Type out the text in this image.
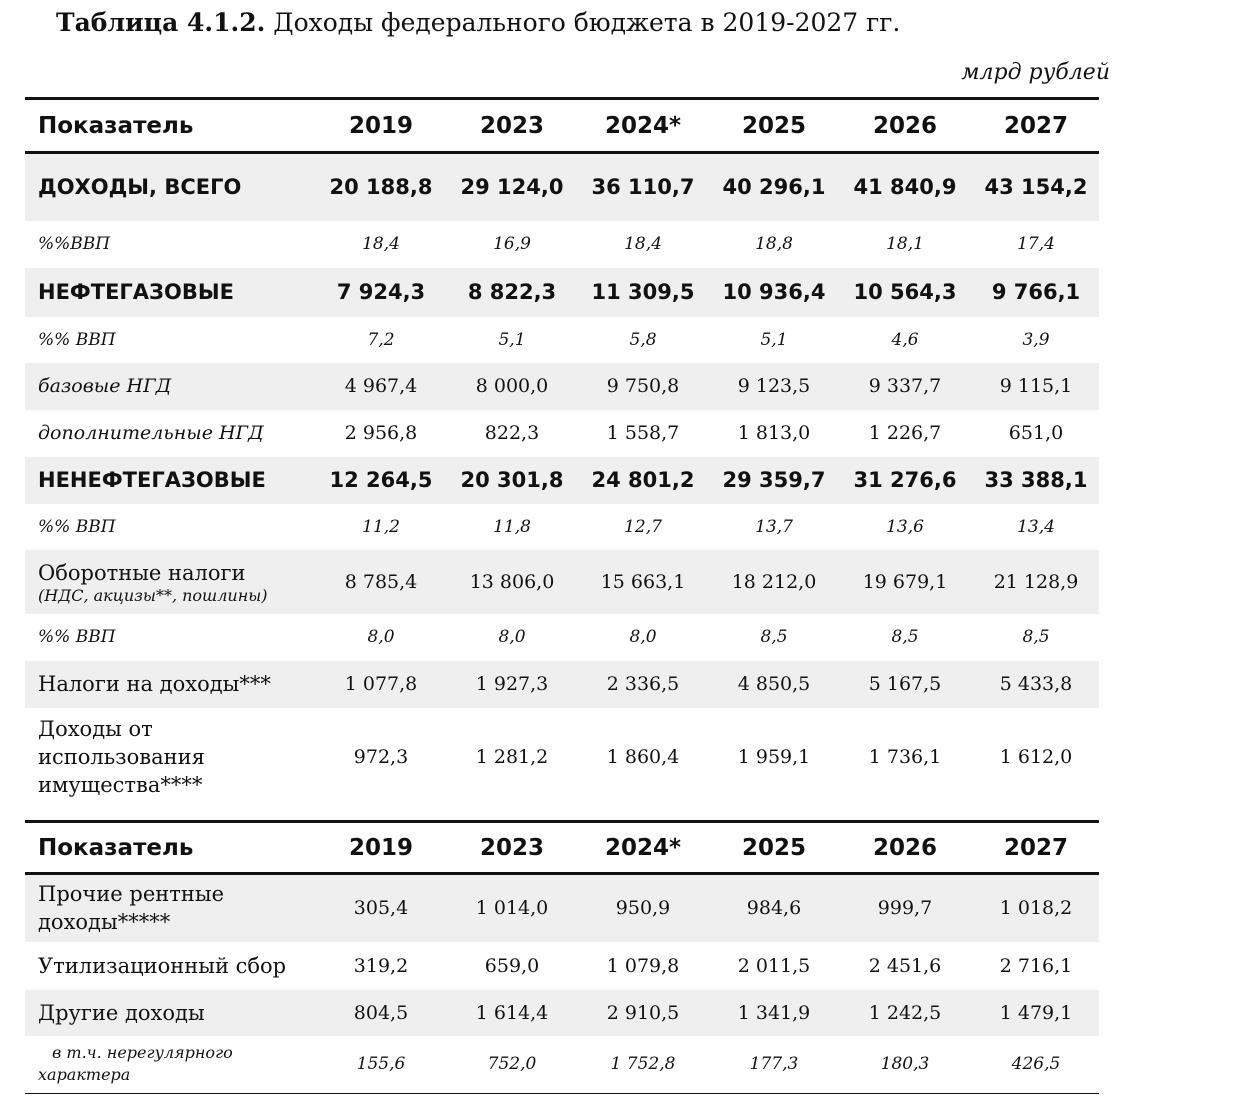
Таблица 4.1.2. Доходы федерального бюджета в 2019-2027 гг.
млрд рублей
Показатель	2019	2023	2024*	2025	2026	2027
ДОХОДЫ, ВСЕГО	20 188,8	29 124,0	36 110,7	40 296,1	41 840,9	43 154,2
%%ВВП	18,4	16,9	18,4	18,8	18,1	17,4
НЕФТЕГАЗОВЫЕ	7 924,3	8 822,3	11 309,5	10 936,4	10 564,3	9 766,1
%% ВВП	7,2	5,1	5,8	5,1	4,6	3,9
базовые НГД	4 967,4	8 000,0	9 750,8	9 123,5	9 337,7	9 115,1
дополнительные НГД	2 956,8	822,3	1 558,7	1 813,0	1 226,7	651,0
НЕНЕФТЕГАЗОВЫЕ	12 264,5	20 301,8	24 801,2	29 359,7	31 276,6	33 388,1
%% ВВП	11,2	11,8	12,7	13,7	13,6	13,4
Оборотные налоги
(НДС, акцизы**, пошлины)	8 785,4	13 806,0	15 663,1	18 212,0	19 679,1	21 128,9
%% ВВП	8,0	8,0	8,0	8,5	8,5	8,5
Налоги на доходы***	1 077,8	1 927,3	2 336,5	4 850,5	5 167,5	5 433,8
Доходы от использования имущества****	972,3	1 281,2	1 860,4	1 959,1	1 736,1	1 612,0
Показатель	2019	2023	2024*	2025	2026	2027
Прочие рентные доходы*****	305,4	1 014,0	950,9	984,6	999,7	1 018,2
Утилизационный сбор	319,2	659,0	1 079,8	2 011,5	2 451,6	2 716,1
Другие доходы	804,5	1 614,4	2 910,5	1 341,9	1 242,5	1 479,1
в т.ч. нерегулярного характера	155,6	752,0	1 752,8	177,3	180,3	426,5
